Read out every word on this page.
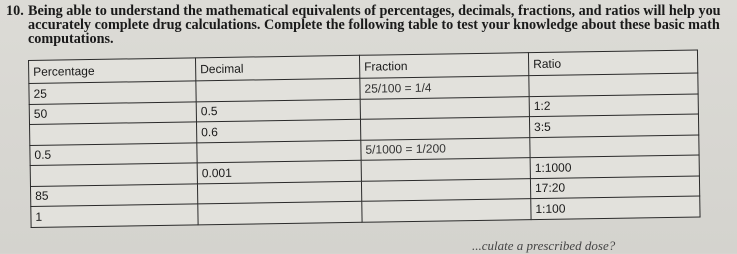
10. Being able to understand the mathematical equivalents of percentages, decimals, fractions, and ratios will help you
accurately complete drug calculations. Complete the following table to test your knowledge about these basic math
computations.
Percentage	Decimal	Fraction	Ratio
25		25/100 = 1/4	
50	0.5		1:2
	0.6		3:5
0.5		5/1000 = 1/200	
	0.001		1:1000
85			17:20
1			1:100
...culate a prescribed dose?
